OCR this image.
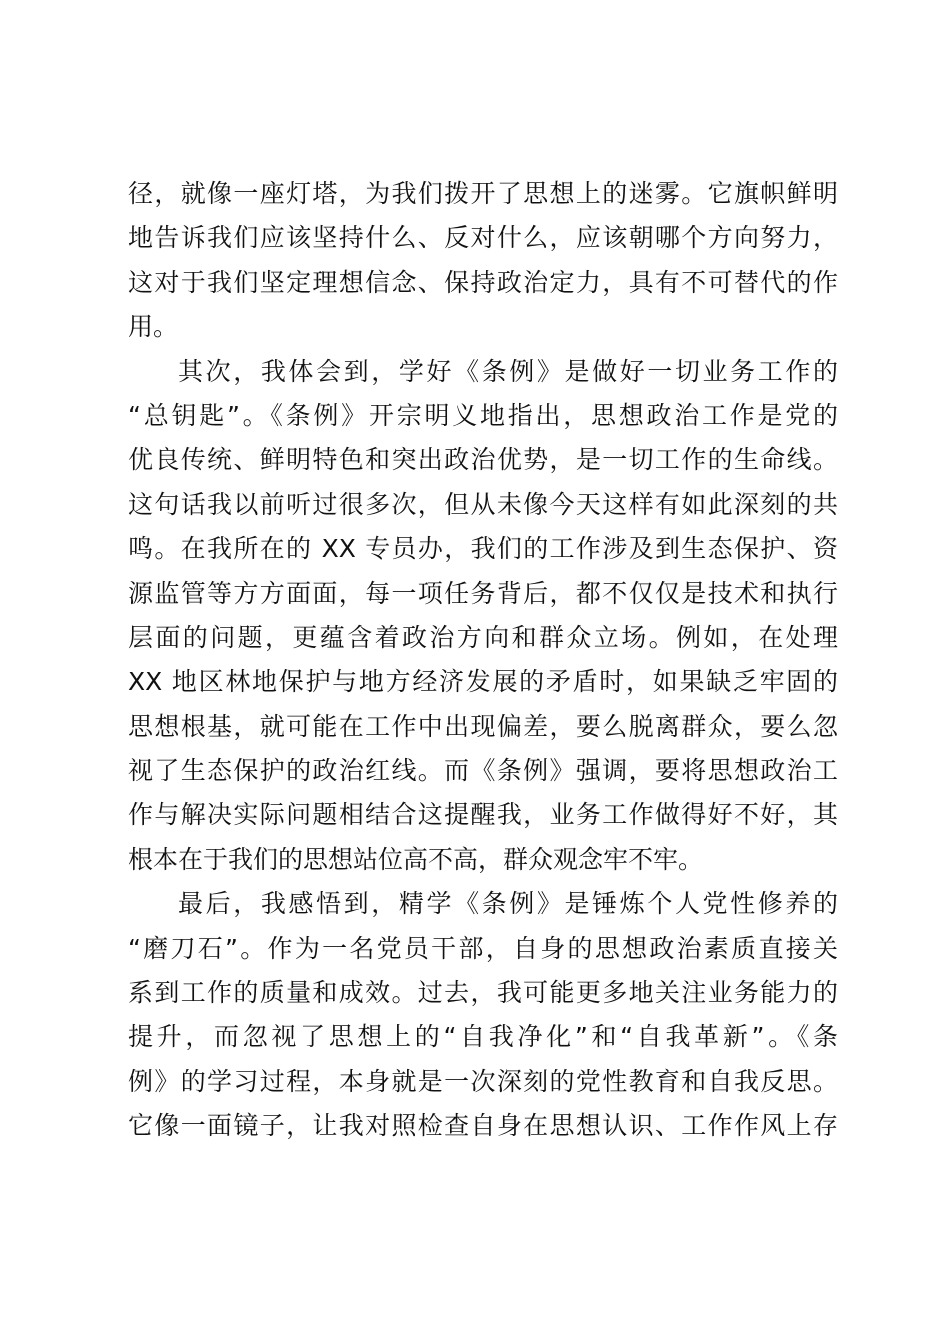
径，就像一座灯塔，为我们拨开了思想上的迷雾。它旗帜鲜明
地告诉我们应该坚持什么、反对什么，应该朝哪个方向努力，
这对于我们坚定理想信念、保持政治定力，具有不可替代的作
用。
其次，我体会到，学好《条例》是做好一切业务工作的
“总钥匙”。《条例》开宗明义地指出，思想政治工作是党的
优良传统、鲜明特色和突出政治优势，是一切工作的生命线。
这句话我以前听过很多次，但从未像今天这样有如此深刻的共
鸣。在我所在的 XX 专员办，我们的工作涉及到生态保护、资
源监管等方方面面，每一项任务背后，都不仅仅是技术和执行
层面的问题，更蕴含着政治方向和群众立场。例如，在处理
XX 地区林地保护与地方经济发展的矛盾时，如果缺乏牢固的
思想根基，就可能在工作中出现偏差，要么脱离群众，要么忽
视了生态保护的政治红线。而《条例》强调，要将思想政治工
作与解决实际问题相结合这提醒我，业务工作做得好不好，其
根本在于我们的思想站位高不高，群众观念牢不牢。
最后，我感悟到，精学《条例》是锤炼个人党性修养的
“磨刀石”。作为一名党员干部，自身的思想政治素质直接关
系到工作的质量和成效。过去，我可能更多地关注业务能力的
提升，而忽视了思想上的“自我净化”和“自我革新”。《条
例》的学习过程，本身就是一次深刻的党性教育和自我反思。
它像一面镜子，让我对照检查自身在思想认识、工作作风上存
